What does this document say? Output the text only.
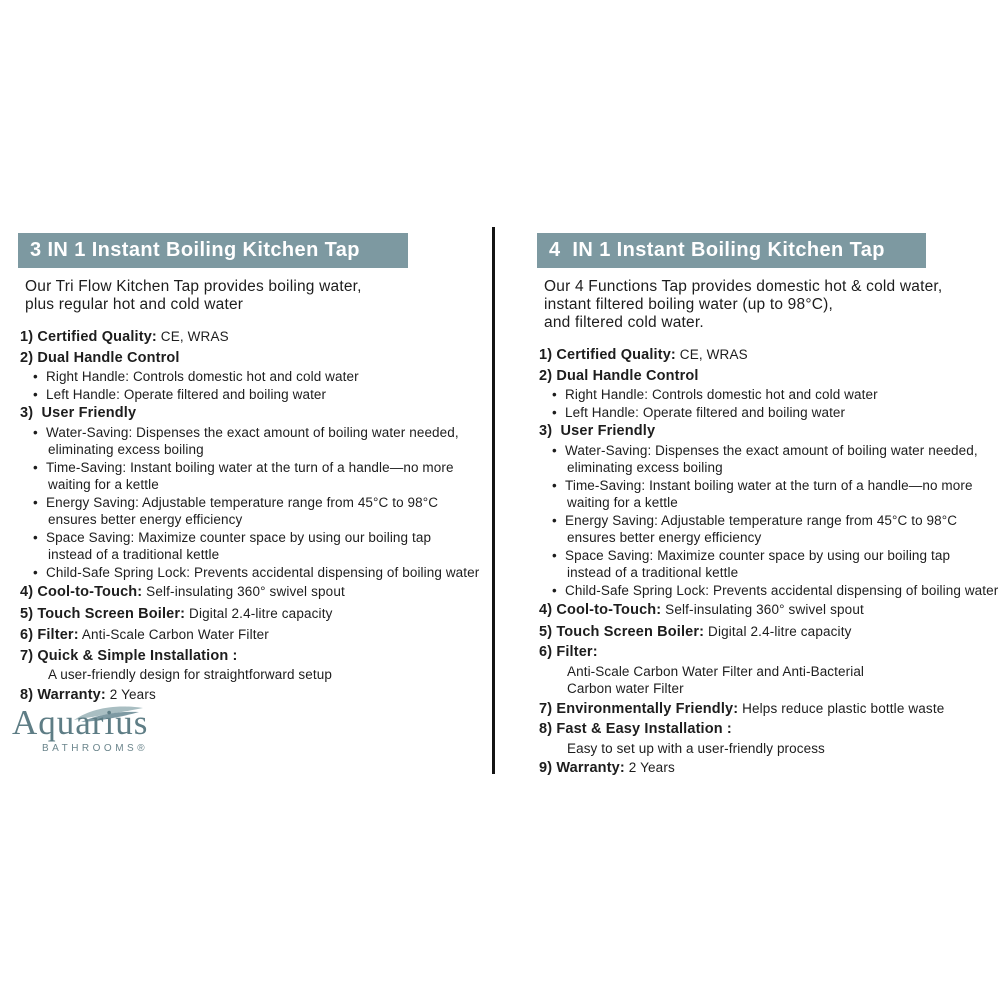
3 IN 1 Instant Boiling Kitchen Tap
Our Tri Flow Kitchen Tap provides boiling water,
plus regular hot and cold water
1) Certified Quality: CE, WRAS
2) Dual Handle Control
• Right Handle: Controls domestic hot and cold water
• Left Handle: Operate filtered and boiling water
3)  User Friendly
• Water-Saving: Dispenses the exact amount of boiling water needed,
eliminating excess boiling
• Time-Saving: Instant boiling water at the turn of a handle—no more
waiting for a kettle
• Energy Saving: Adjustable temperature range from 45°C to 98°C
ensures better energy efficiency
• Space Saving: Maximize counter space by using our boiling tap
instead of a traditional kettle
• Child-Safe Spring Lock: Prevents accidental dispensing of boiling water
4) Cool-to-Touch: Self-insulating 360° swivel spout
5) Touch Screen Boiler: Digital 2.4-litre capacity
6) Filter: Anti-Scale Carbon Water Filter
7) Quick & Simple Installation :
A user-friendly design for straightforward setup
8) Warranty: 2 Years
4  IN 1 Instant Boiling Kitchen Tap
Our 4 Functions Tap provides domestic hot & cold water,
instant filtered boiling water (up to 98°C),
and filtered cold water.
1) Certified Quality: CE, WRAS
2) Dual Handle Control
• Right Handle: Controls domestic hot and cold water
• Left Handle: Operate filtered and boiling water
3)  User Friendly
• Water-Saving: Dispenses the exact amount of boiling water needed,
eliminating excess boiling
• Time-Saving: Instant boiling water at the turn of a handle—no more
waiting for a kettle
• Energy Saving: Adjustable temperature range from 45°C to 98°C
ensures better energy efficiency
• Space Saving: Maximize counter space by using our boiling tap
instead of a traditional kettle
• Child-Safe Spring Lock: Prevents accidental dispensing of boiling water
4) Cool-to-Touch: Self-insulating 360° swivel spout
5) Touch Screen Boiler: Digital 2.4-litre capacity
6) Filter:
Anti-Scale Carbon Water Filter and Anti-Bacterial
Carbon water Filter
7) Environmentally Friendly: Helps reduce plastic bottle waste
8) Fast & Easy Installation :
Easy to set up with a user-friendly process
9) Warranty: 2 Years
Aquarius
BATHROOMS®
